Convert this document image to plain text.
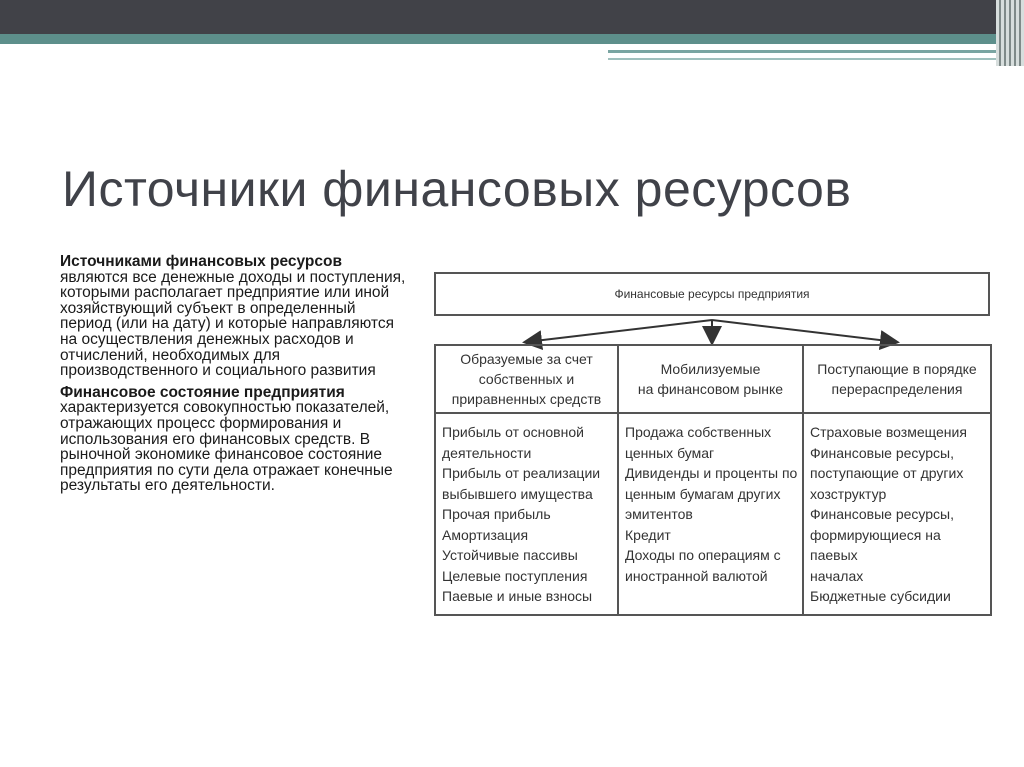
Источники финансовых ресурсов

Источниками финансовых ресурсов являются все денежные доходы и поступления, которыми располагает предприятие или иной хозяйствующий субъект в определенный период (или на дату) и которые направляются на осуществления денежных расходов и отчислений, необходимых для производственного и социального развития

Финансовое состояние предприятия характеризуется совокупностью показателей, отражающих процесс формирования и использования его финансовых средств. В рыночной экономике финансовое состояние предприятия по сути дела отражает конечные результаты его деятельности.

Финансовые ресурсы предприятия
Образуемые за счет
собственных и
приравненных средств
Прибыль от основной
деятельности
Прибыль от реализации
выбывшего имущества
Прочая прибыль
Амортизация
Устойчивые пассивы
Целевые поступления
Паевые и иные взносы
Мобилизуемые
на финансовом рынке
Продажа собственных
ценных бумаг
Дивиденды и проценты по
ценным бумагам других
эмитентов
Кредит
Доходы по операциям с
иностранной валютой
Поступающие в порядке
перераспределения
Страховые возмещения
Финансовые ресурсы,
поступающие от других
хозструктур
Финансовые ресурсы,
формирующиеся на паевых
началах
Бюджетные субсидии
